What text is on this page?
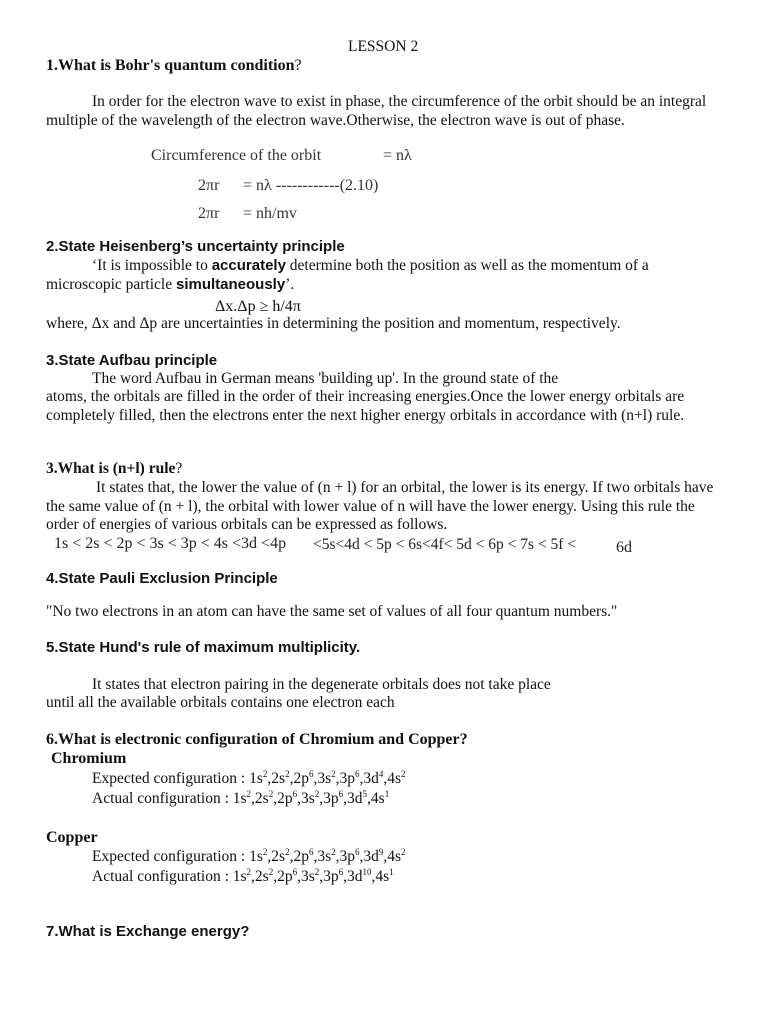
LESSON 2
1.What is Bohr's quantum condition?
In order for the electron wave to exist in phase, the circumference of the orbit should be an integral multiple of the wavelength of the electron wave.Otherwise, the electron wave is out of phase.
Circumference of the orbit	= nλ
2πr = nλ ------------(2.10)
2πr = nh/mv
2.State Heisenberg’s uncertainty principle
‘It is impossible to accurately determine both the position as well as the momentum of a microscopic particle simultaneously’.
Δx.Δp ≥ h/4π
where, Δx and Δp are uncertainties in determining the position and momentum, respectively.
3.State Aufbau principle
The word Aufbau in German means 'building up'. In the ground state of the
atoms, the orbitals are filled in the order of their increasing energies.Once the lower energy orbitals are completely filled, then the electrons enter the next higher energy orbitals in accordance with (n+l) rule.
3.What is (n+l) rule?
It states that, the lower the value of (n + l) for an orbital, the lower is its energy. If two orbitals have the same value of (n + l), the orbital with lower value of n will have the lower energy. Using this rule the order of energies of various orbitals can be expressed as follows.
1s < 2s < 2p < 3s < 3p < 4s <3d <4p <5s<4d < 5p < 6s<4f< 5d < 6p < 7s < 5f < 6d
4.State Pauli Exclusion Principle
"No two electrons in an atom can have the same set of values of all four quantum numbers."
5.State Hund's rule of maximum multiplicity.
It states that electron pairing in the degenerate orbitals does not take place
until all the available orbitals contains one electron each
6.What is electronic configuration of Chromium and Copper?
Chromium
Expected configuration : $1s^2,2s^2,2p^6,3s^2,3p^6,3d^4,4s^2$
Actual configuration : $1s^2,2s^2,2p^6,3s^2,3p^6,3d^5,4s^1$
Copper
Expected configuration : $1s^2,2s^2,2p^6,3s^2,3p^6,3d^9,4s^2$
Actual configuration : $1s^2,2s^2,2p^6,3s^2,3p^6,3d^{10},4s^1$
7.What is Exchange energy?
